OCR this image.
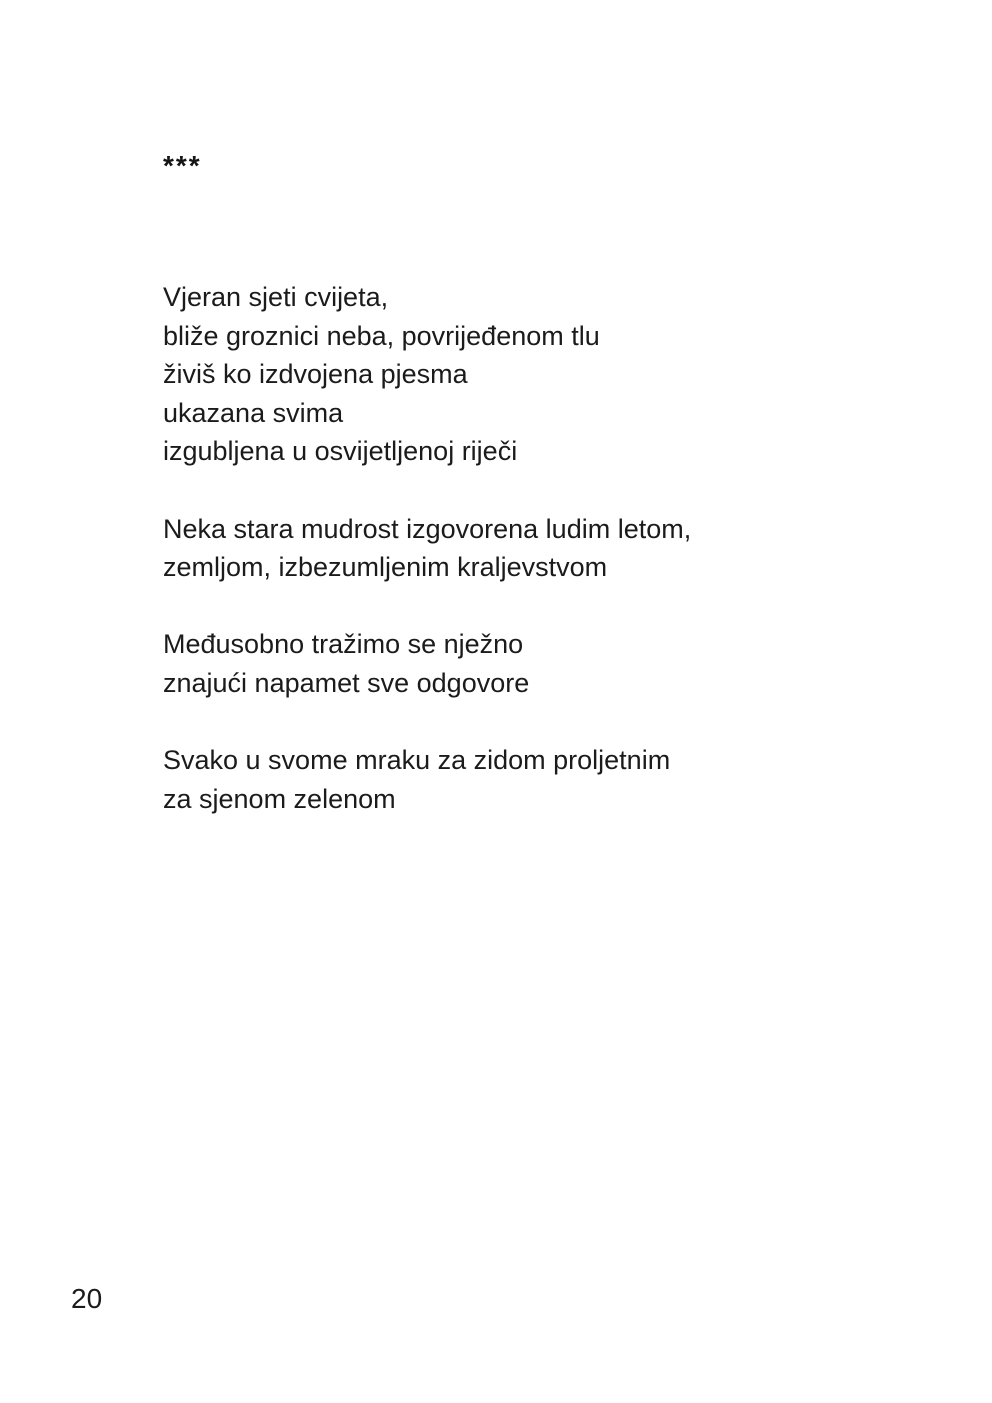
***
Vjeran sjeti cvijeta,
bliže groznici neba, povrijeđenom tlu
živiš ko izdvojena pjesma
ukazana svima
izgubljena u osvijetljenoj riječi
Neka stara mudrost izgovorena ludim letom,
zemljom, izbezumljenim kraljevstvom
Međusobno tražimo se nježno
znajući napamet sve odgovore
Svako u svome mraku za zidom proljetnim
za sjenom zelenom
20
